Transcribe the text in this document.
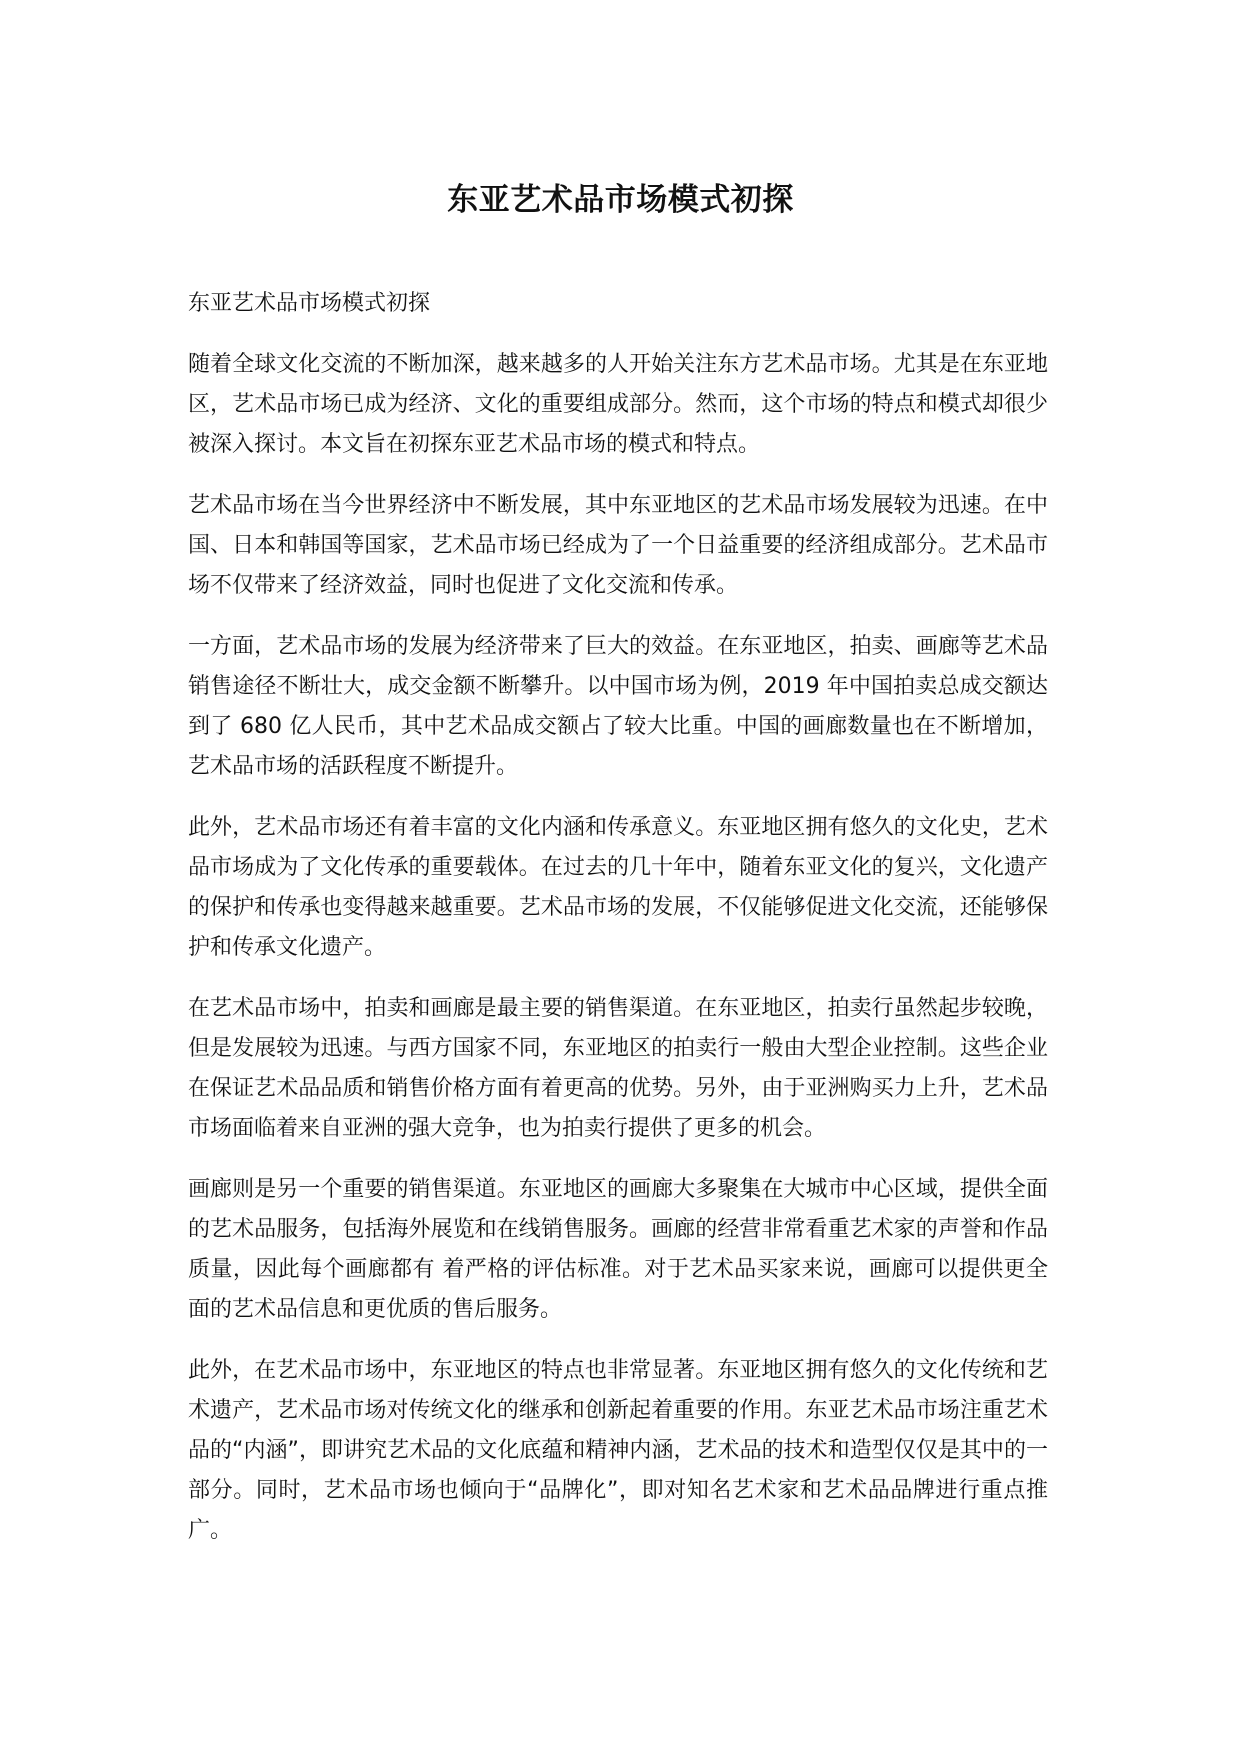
东亚艺术品市场模式初探

东亚艺术品市场模式初探

随着全球文化交流的不断加深，越来越多的人开始关注东方艺术品市场。尤其是在东亚地区，艺术品市场已成为经济、文化的重要组成部分。然而，这个市场的特点和模式却很少被深入探讨。本文旨在初探东亚艺术品市场的模式和特点。

艺术品市场在当今世界经济中不断发展，其中东亚地区的艺术品市场发展较为迅速。在中国、日本和韩国等国家，艺术品市场已经成为了一个日益重要的经济组成部分。艺术品市场不仅带来了经济效益，同时也促进了文化交流和传承。

一方面，艺术品市场的发展为经济带来了巨大的效益。在东亚地区，拍卖、画廊等艺术品销售途径不断壮大，成交金额不断攀升。以中国市场为例，2019 年中国拍卖总成交额达到了 680 亿人民币，其中艺术品成交额占了较大比重。中国的画廊数量也在不断增加，艺术品市场的活跃程度不断提升。

此外，艺术品市场还有着丰富的文化内涵和传承意义。东亚地区拥有悠久的文化史，艺术品市场成为了文化传承的重要载体。在过去的几十年中，随着东亚文化的复兴，文化遗产的保护和传承也变得越来越重要。艺术品市场的发展，不仅能够促进文化交流，还能够保护和传承文化遗产。

在艺术品市场中，拍卖和画廊是最主要的销售渠道。在东亚地区，拍卖行虽然起步较晚，但是发展较为迅速。与西方国家不同，东亚地区的拍卖行一般由大型企业控制。这些企业在保证艺术品品质和销售价格方面有着更高的优势。另外，由于亚洲购买力上升，艺术品市场面临着来自亚洲的强大竞争，也为拍卖行提供了更多的机会。

画廊则是另一个重要的销售渠道。东亚地区的画廊大多聚集在大城市中心区域，提供全面的艺术品服务，包括海外展览和在线销售服务。画廊的经营非常看重艺术家的声誉和作品质量，因此每个画廊都有 着严格的评估标准。对于艺术品买家来说，画廊可以提供更全面的艺术品信息和更优质的售后服务。

此外，在艺术品市场中，东亚地区的特点也非常显著。东亚地区拥有悠久的文化传统和艺术遗产，艺术品市场对传统文化的继承和创新起着重要的作用。东亚艺术品市场注重艺术品的“内涵”，即讲究艺术品的文化底蕴和精神内涵，艺术品的技术和造型仅仅是其中的一部分。同时，艺术品市场也倾向于“品牌化”，即对知名艺术家和艺术品品牌进行重点推广。
